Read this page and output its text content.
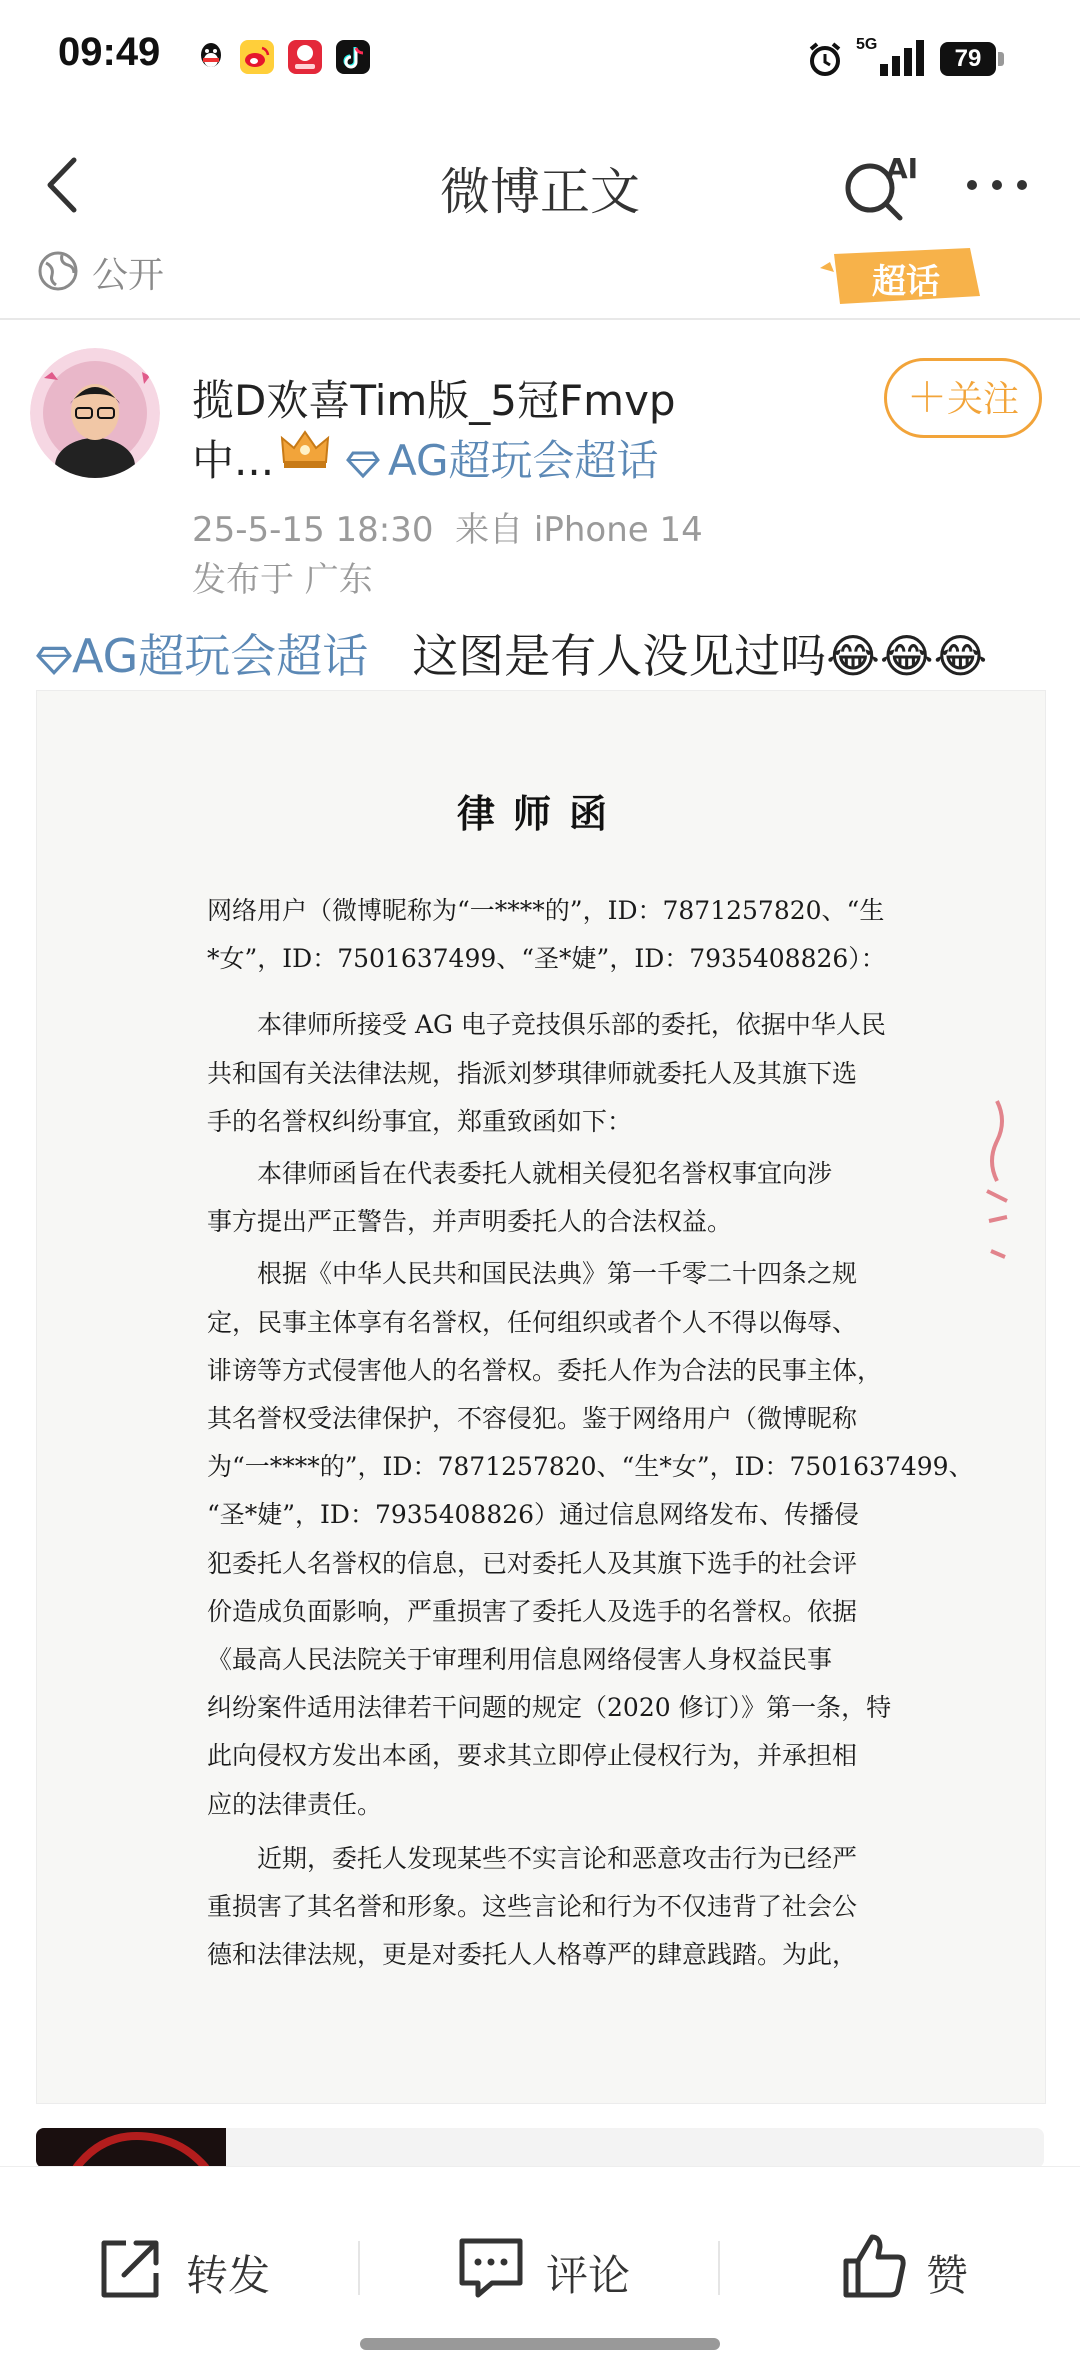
09:49	5G
79
微博正文	AI
公开	超话
揽D欢喜Tim版_5冠Fmvp
中...	AG超玩会超话
25-5-15 18:30 来自 iPhone 14
发布于 广东
＋关注
AG超玩会超话 这图是有人没见过吗😂😂😂
律师函
网络用户（微博昵称为“一****的”，ID：7871257820、“生
*女”，ID：7501637499、“圣*婕”，ID：7935408826）：
本律师所接受 AG 电子竞技俱乐部的委托，依据中华人民
共和国有关法律法规，指派刘梦琪律师就委托人及其旗下选
手的名誉权纠纷事宜，郑重致函如下：
本律师函旨在代表委托人就相关侵犯名誉权事宜向涉
事方提出严正警告，并声明委托人的合法权益。
根据《中华人民共和国民法典》第一千零二十四条之规
定，民事主体享有名誉权，任何组织或者个人不得以侮辱、
诽谤等方式侵害他人的名誉权。委托人作为合法的民事主体，
其名誉权受法律保护，不容侵犯。鉴于网络用户（微博昵称
为“一****的”，ID：7871257820、“生*女”，ID：7501637499、
“圣*婕”，ID：7935408826）通过信息网络发布、传播侵
犯委托人名誉权的信息，已对委托人及其旗下选手的社会评
价造成负面影响，严重损害了委托人及选手的名誉权。依据
《最高人民法院关于审理利用信息网络侵害人身权益民事
纠纷案件适用法律若干问题的规定（2020 修订）》第一条，特
此向侵权方发出本函，要求其立即停止侵权行为，并承担相
应的法律责任。
近期，委托人发现某些不实言论和恶意攻击行为已经严
重损害了其名誉和形象。这些言论和行为不仅违背了社会公
德和法律法规，更是对委托人人格尊严的肆意践踏。为此，
转发	评论	赞
